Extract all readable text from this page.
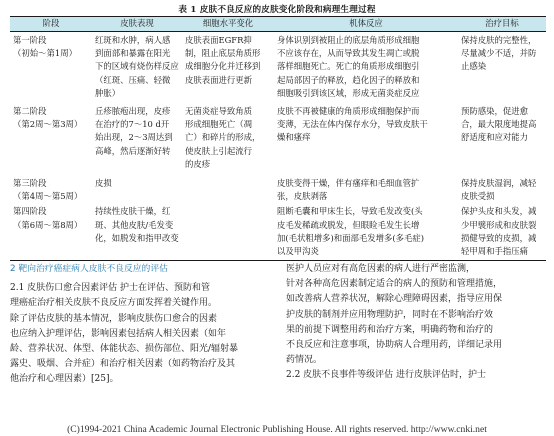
表 1 皮肤不良反应的皮肤变化阶段和病理生理过程
阶段	皮肤表现	细胞水平变化	机体反应	治疗目标

第一阶段
（初始～第1周）	红斑和水肿，病人感
到面部和暴露在阳光
下的区域有烧伤样反应
（红斑、压痛、轻微
肿胀）	皮肤表面EGFR抑
制，阻止底层角质形
成细胞分化并迁移到
皮肤表面进行更新	身体识别到被阻止的底层角质形成细胞
不应该存在，从而导致其发生凋亡或脱
落样细胞死亡。死亡的角质形成细胞引
起局部因子的释放，趋化因子的释放和
细胞吸引到该区域，形成无菌炎症反应	保持皮肤的完整性，
尽量减少不适，并防
止感染

第二阶段
（第2周～第3周）	丘疹脓疱出现，皮疹
在治疗的7～10 d开
始出现，2～3周达到
高峰，然后逐渐好转	无菌炎症导致角质
形成细胞死亡（凋
亡）和碎片的形成，
使皮肤上引起流行
的皮疹	皮肤不再被健康的角质形成细胞保护而
变薄，无法在体内保存水分，导致皮肤干
燥和瘙痒	预防感染，促进愈
合，最大限度地提高
舒适度和应对能力

第三阶段
（第4周～第5周）	皮损		皮肤变得干燥，伴有瘙痒和毛细血管扩
张，皮肤剥落	保持皮肤湿润，减轻
皮肤受损

第四阶段
（第6周～第8周）	持续性皮肤干燥，红
斑、其他皮肤/毛发变
化，如脱发和指甲改变		阻断毛囊和甲床生长，导致毛发改变(头
皮毛发稀疏或脱发，但眼睑毛发生长增
加(毛状粗增多)和面部毛发增多(多毛症)
以及甲沟炎	保护头皮和头发，减
少甲襞形成和皮肤裂
损健导致的皮损，减
轻甲周和手指压痛
2 靶向治疗癌症病人皮肤不良反应的评估
2.1 皮肤伤口愈合因素评估 护士在评估、预防和管
理癌症治疗相关皮肤不良反应方面发挥着关键作用。
除了评估皮肤的基本情况，影响皮肤伤口愈合的因素
也应纳入护理评估，影响因素包括病人相关因素（如年
龄、营养状况、体型、体能状态、损伤部位、阳光/辐射暴
露史、吸烟、合并症）和治疗相关因素（如药物治疗及其
他治疗和心理因素）[25]。
医护人员应对有高危因素的病人进行严密监测，
针对各种高危因素制定适合的病人的预防和管理措施，
如改善病人营养状况，解除心理障碍因素，指导应用保
护皮肤的制剂并应用物理防护，同时在不影响治疗效
果的前提下调整用药和治疗方案，明确药物和治疗的
不良反应和注意事项，协助病人合理用药，详细记录用
药情况。
2.2 皮肤不良事件等级评估 进行皮肤评估时，护士
(C)1994-2021 China Academic Journal Electronic Publishing House. All rights reserved. http://www.cnki.net
